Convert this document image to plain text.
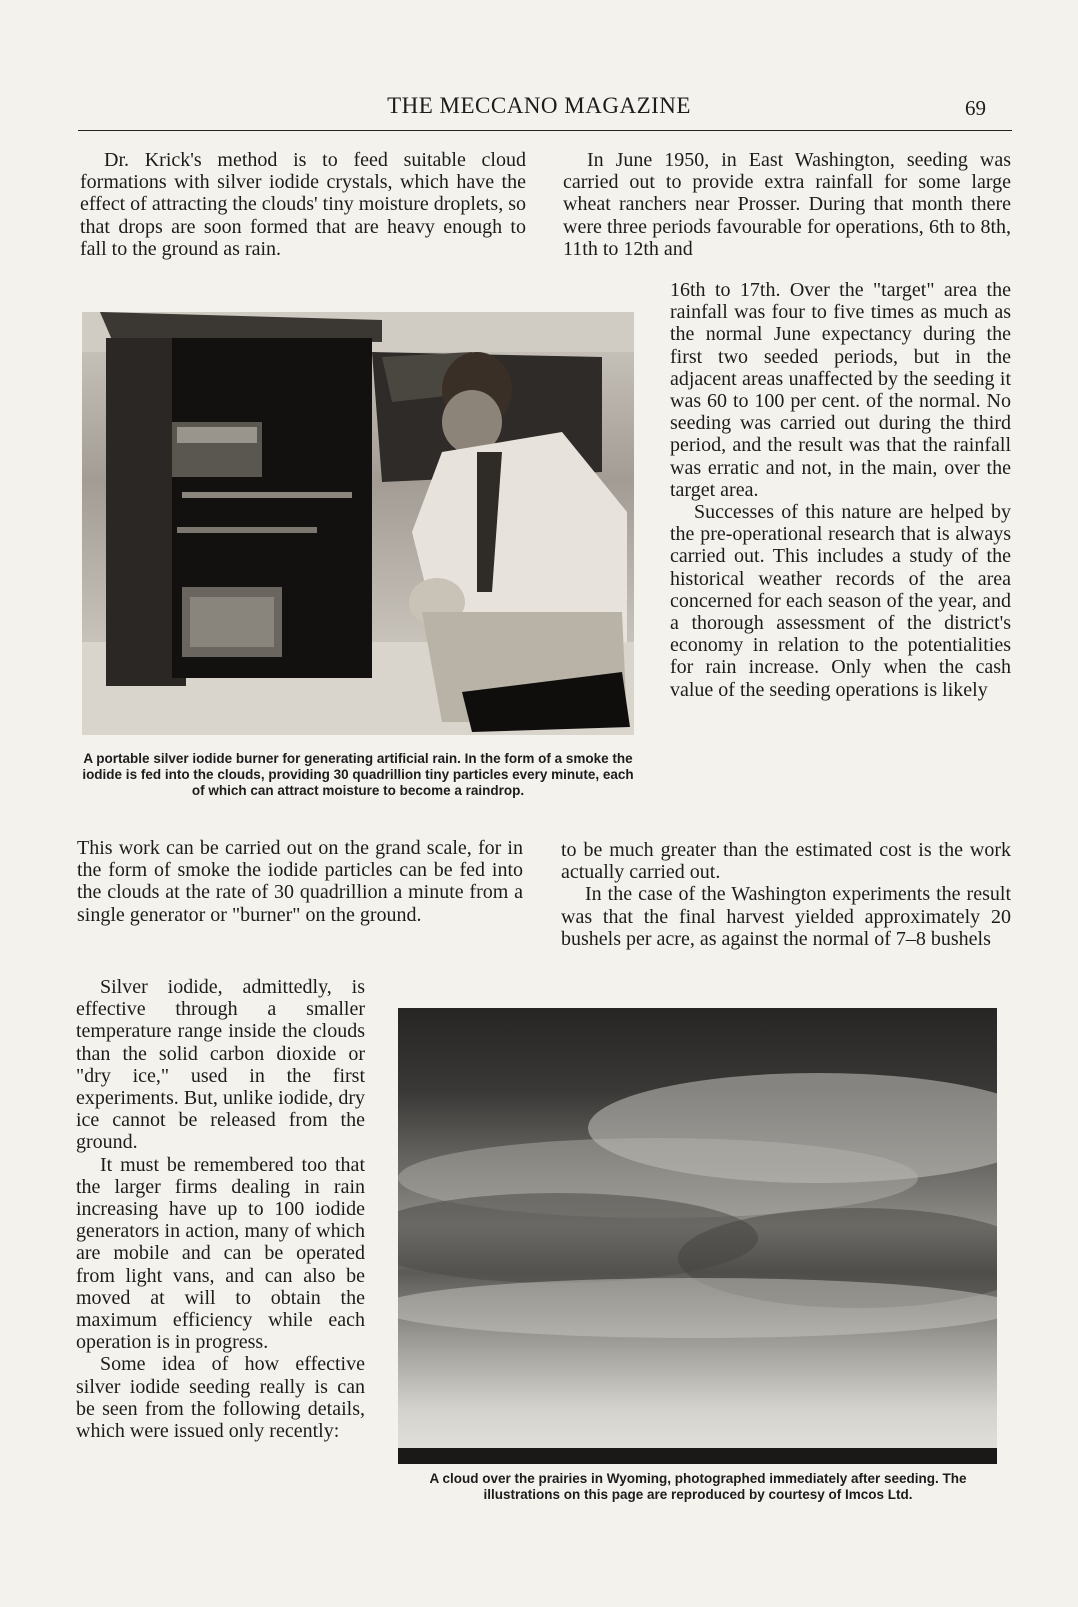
THE MECCANO MAGAZINE	69

Dr. Krick's method is to feed suitable cloud formations with silver iodide crystals, which have the effect of attracting the clouds' tiny moisture droplets, so that drops are soon formed that are heavy enough to fall to the ground as rain.

In June 1950, in East Washington, seeding was carried out to provide extra rainfall for some large wheat ranchers near Prosser. During that month there were three periods favourable for operations, 6th to 8th, 11th to 12th and

16th to 17th. Over the "target" area the rainfall was four to five times as much as the normal June expectancy during the first two seeded periods, but in the adjacent areas unaffected by the seeding it was 60 to 100 per cent. of the normal. No seeding was carried out during the third period, and the result was that the rainfall was erratic and not, in the main, over the target area.

Successes of this nature are helped by the pre-operational research that is always carried out. This includes a study of the historical weather records of the area concerned for each season of the year, and a thorough assessment of the district's economy in relation to the potentialities for rain increase. Only when the cash value of the seeding operations is likely

A portable silver iodide burner for generating artificial rain. In the form of a smoke the iodide is fed into the clouds, providing 30 quadrillion tiny particles every minute, each of which can attract moisture to become a raindrop.

This work can be carried out on the grand scale, for in the form of smoke the iodide particles can be fed into the clouds at the rate of 30 quadrillion a minute from a single generator or "burner" on the ground.

to be much greater than the estimated cost is the work actually carried out.

In the case of the Washington experiments the result was that the final harvest yielded approximately 20 bushels per acre, as against the normal of 7–8 bushels

Silver iodide, admittedly, is effective through a smaller temperature range inside the clouds than the solid carbon dioxide or "dry ice," used in the first experiments. But, unlike iodide, dry ice cannot be released from the ground.

It must be remembered too that the larger firms dealing in rain increasing have up to 100 iodide generators in action, many of which are mobile and can be operated from light vans, and can also be moved at will to obtain the maximum efficiency while each operation is in progress.

Some idea of how effective silver iodide seeding really is can be seen from the following details, which were issued only recently:

A cloud over the prairies in Wyoming, photographed immediately after seeding. The illustrations on this page are reproduced by courtesy of Imcos Ltd.
